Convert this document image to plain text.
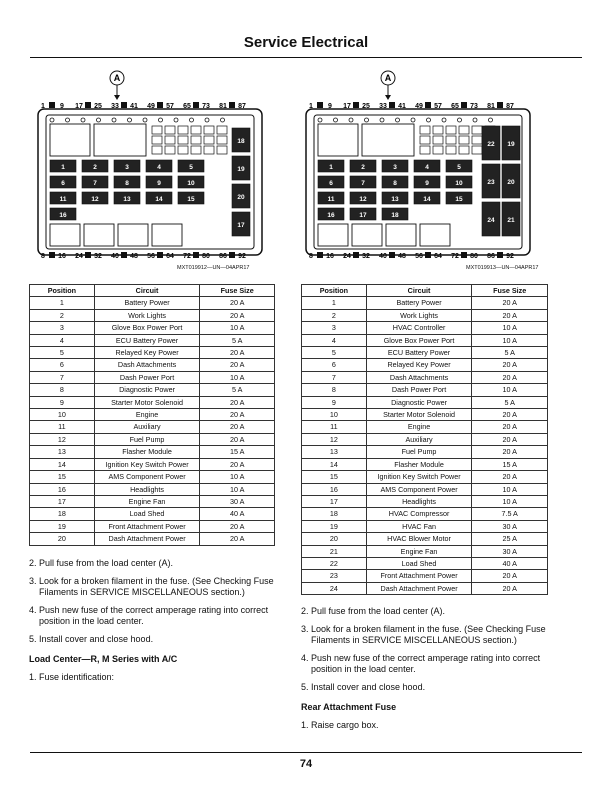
Service Electrical
A
1 9 17 25 33 41 49 57 65 73 81 87
1	2	3	4	5
6	7	8	9	10
11	12	13	14	15
16
18
19
20
17
8 16 24 32 40 48 56 64 72 80 86 92
MXT019912—UN—04APR17
A
1 9 17 25 33 41 49 57 65 73 81 87
1	2	3	4	5
6	7	8	9	10
11	12	13	14	15
16	17	18
22 19
23 20
24 21
8 16 24 32 40 48 56 64 72 80 86 92
MXT019913—UN—04APR17
Position	Circuit	Fuse Size
1	Battery Power	20 A
2	Work Lights	20 A
3	Glove Box Power Port	10 A
4	ECU Battery Power	5 A
5	Relayed Key Power	20 A
6	Dash Attachments	20 A
7	Dash Power Port	10 A
8	Diagnostic Power	5 A
9	Starter Motor Solenoid	20 A
10	Engine	20 A
11	Auxiliary	20 A
12	Fuel Pump	20 A
13	Flasher Module	15 A
14	Ignition Key Switch Power	20 A
15	AMS Component Power	10 A
16	Headlights	10 A
17	Engine Fan	30 A
18	Load Shed	40 A
19	Front Attachment Power	20 A
20	Dash Attachment Power	20 A
Position	Circuit	Fuse Size
1	Battery Power	20 A
2	Work Lights	20 A
3	HVAC Controller	10 A
4	Glove Box Power Port	10 A
5	ECU Battery Power	5 A
6	Relayed Key Power	20 A
7	Dash Attachments	20 A
8	Dash Power Port	10 A
9	Diagnostic Power	5 A
10	Starter Motor Solenoid	20 A
11	Engine	20 A
12	Auxiliary	20 A
13	Fuel Pump	20 A
14	Flasher Module	15 A
15	Ignition Key Switch Power	20 A
16	AMS Component Power	10 A
17	Headlights	10 A
18	HVAC Compressor	7.5 A
19	HVAC Fan	30 A
20	HVAC Blower Motor	25 A
21	Engine Fan	30 A
22	Load Shed	40 A
23	Front Attachment Power	20 A
24	Dash Attachment Power	20 A
2. Pull fuse from the load center (A).
3. Look for a broken filament in the fuse. (See Checking Fuse Filaments in SERVICE MISCELLANEOUS section.)
4. Push new fuse of the correct amperage rating into correct position in the load center.
5. Install cover and close hood.
Load Center—R, M Series with A/C
1. Fuse identification:
2. Pull fuse from the load center (A).
3. Look for a broken filament in the fuse. (See Checking Fuse Filaments in SERVICE MISCELLANEOUS section.)
4. Push new fuse of the correct amperage rating into correct position in the load center.
5. Install cover and close hood.
Rear Attachment Fuse
1. Raise cargo box.
74
